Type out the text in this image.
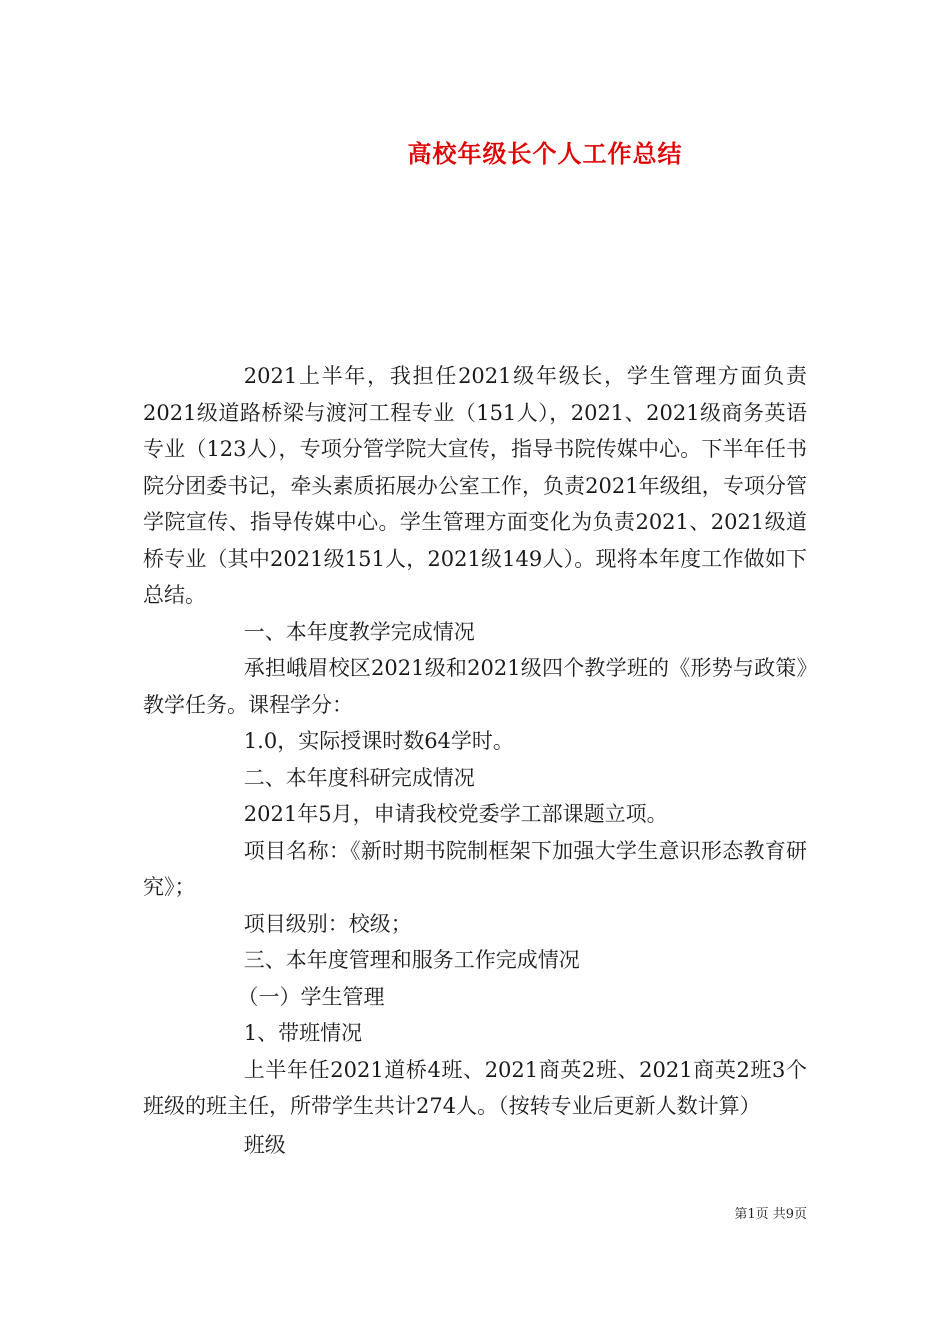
高校年级长个人工作总结

2021上半年，我担任2021级年级长，学生管理方面负责2021级道路桥梁与渡河工程专业（151人），2021、2021级商务英语专业（123人），专项分管学院大宣传，指导书院传媒中心。下半年任书院分团委书记，牵头素质拓展办公室工作，负责2021年级组，专项分管学院宣传、指导传媒中心。学生管理方面变化为负责2021、2021级道桥专业（其中2021级151人，2021级149人）。现将本年度工作做如下总结。

一、本年度教学完成情况

承担峨眉校区2021级和2021级四个教学班的《形势与政策》教学任务。课程学分：

1.0，实际授课时数64学时。

二、本年度科研完成情况

2021年5月，申请我校党委学工部课题立项。

项目名称：《新时期书院制框架下加强大学生意识形态教育研究》；

项目级别：校级；

三、本年度管理和服务工作完成情况

（一）学生管理

1、带班情况

上半年任2021道桥4班、2021商英2班、2021商英2班3个班级的班主任，所带学生共计274人。（按转专业后更新人数计算）

班级

第1页 共9页
